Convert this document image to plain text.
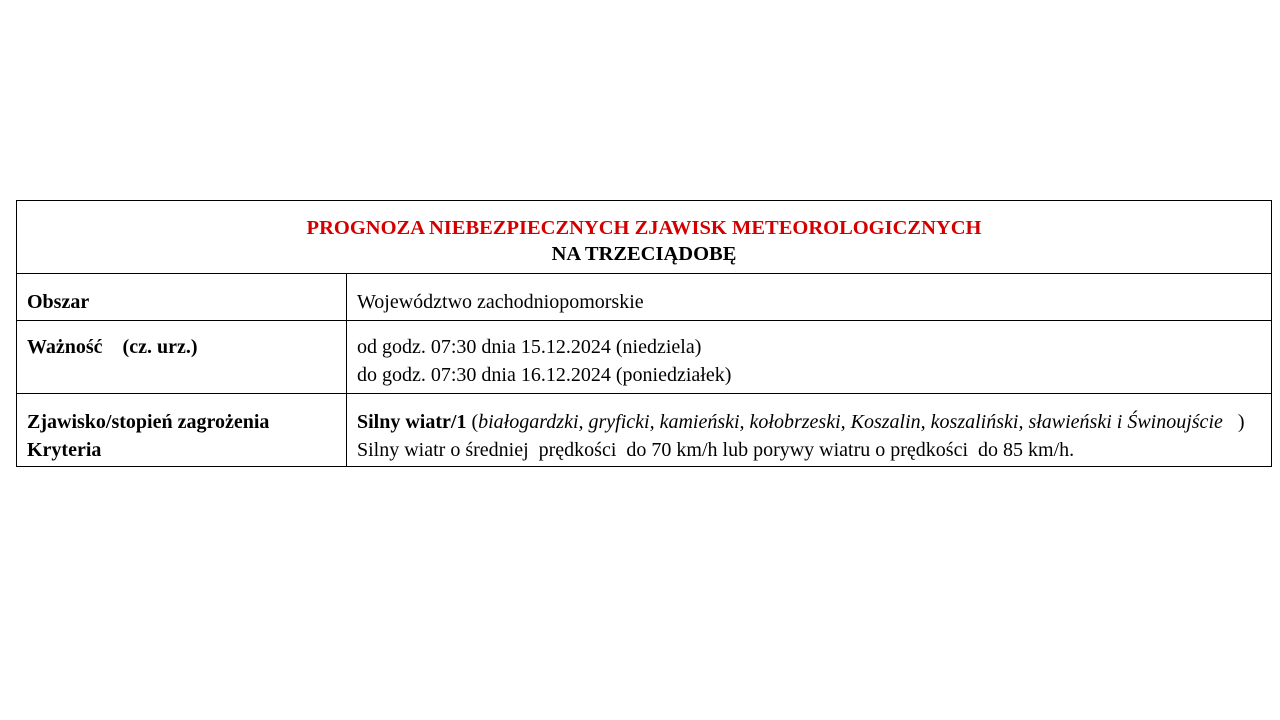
PROGNOZA NIEBEZPIECZNYCH ZJAWISK METEOROLOGICZNYCH
NA TRZECIĄDOBĘ
Obszar	Województwo zachodniopomorskie
Ważność    (cz. urz.)	od godz. 07:30 dnia 15.12.2024 (niedziela)
do godz. 07:30 dnia 16.12.2024 (poniedziałek)
Zjawisko/stopień zagrożenia
Kryteria
Silny wiatr/1 (białogardzki, gryficki, kamieński, kołobrzeski, Koszalin, koszaliński, sławieński i Świnoujście   )
Silny wiatr o średniej  prędkości  do 70 km/h lub porywy wiatru o prędkości  do 85 km/h.
